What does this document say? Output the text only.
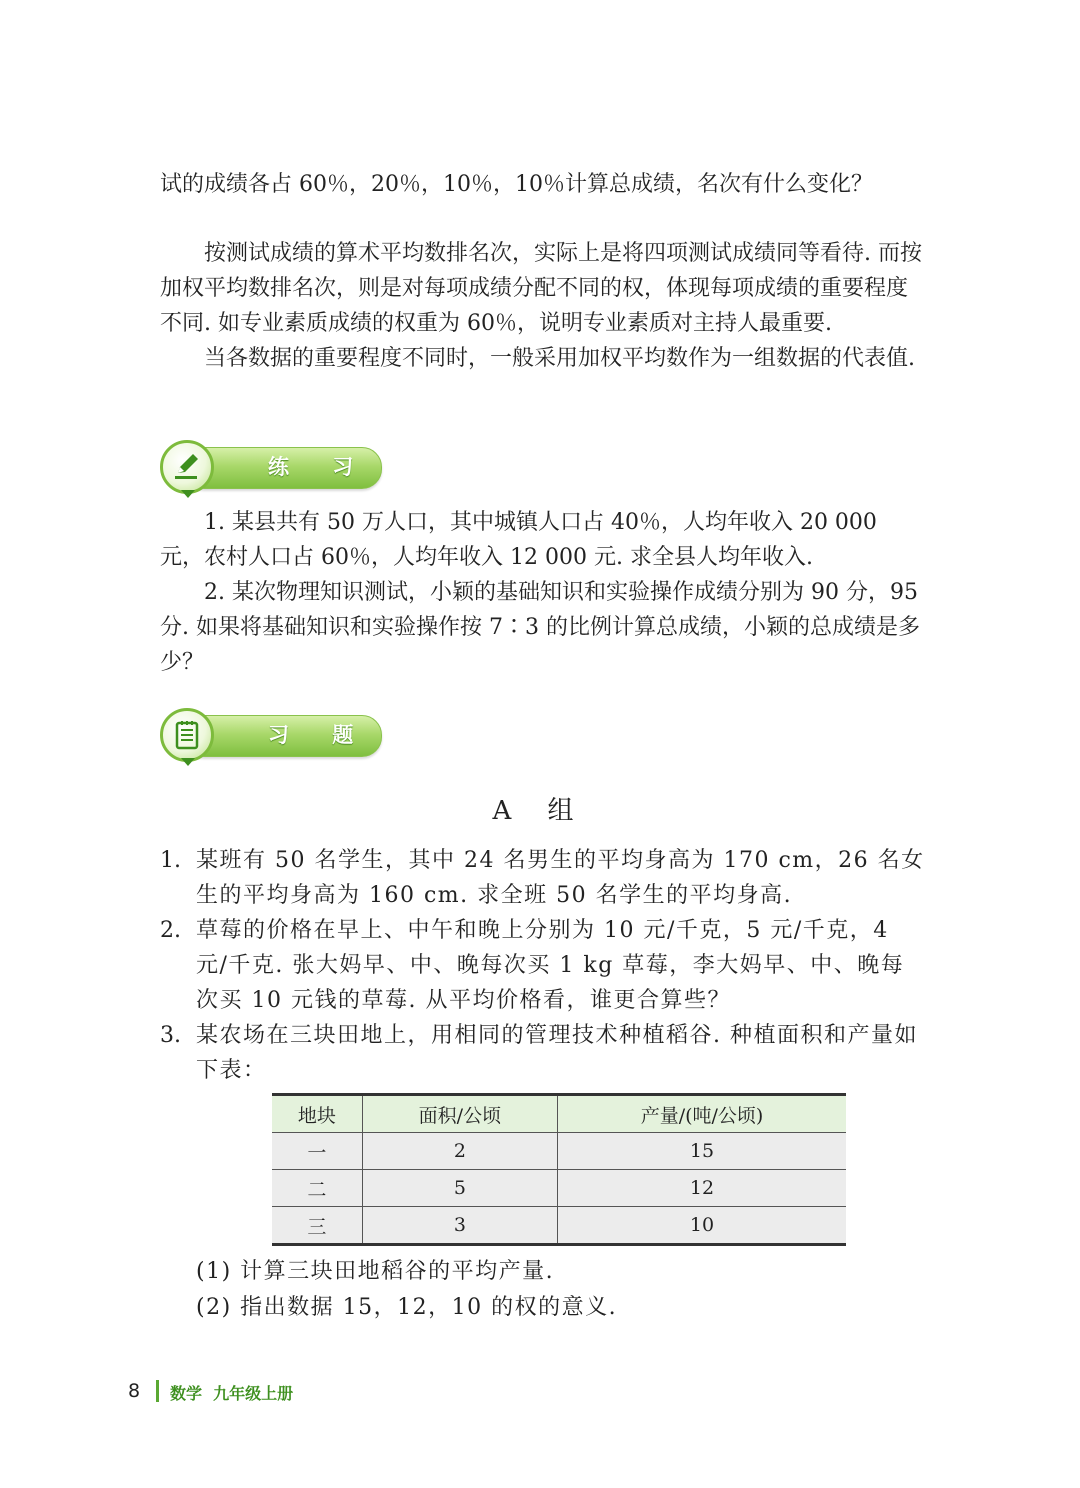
试的成绩各占 60％，20％，10％，10％计算总成绩，名次有什么变化？

按测试成绩的算术平均数排名次，实际上是将四项测试成绩同等看待. 而按加权平均数排名次，则是对每项成绩分配不同的权，体现每项成绩的重要程度不同. 如专业素质成绩的权重为 60％，说明专业素质对主持人最重要.

当各数据的重要程度不同时，一般采用加权平均数作为一组数据的代表值.

练 习

1. 某县共有 50 万人口，其中城镇人口占 40％，人均年收入 20 000 元，农村人口占 60％，人均年收入 12 000 元. 求全县人均年收入.

2. 某次物理知识测试，小颖的基础知识和实验操作成绩分别为 90 分，95 分. 如果将基础知识和实验操作按 7∶3 的比例计算总成绩，小颖的总成绩是多少？

习 题
A 组
1. 某班有 50 名学生，其中 24 名男生的平均身高为 170 cm，26 名女生的平均身高为 160 cm. 求全班 50 名学生的平均身高.
2. 草莓的价格在早上、中午和晚上分别为 10 元/千克，5 元/千克，4 元/千克. 张大妈早、中、晚每次买 1 kg 草莓，李大妈早、中、晚每次买 10 元钱的草莓. 从平均价格看，谁更合算些？
3. 某农场在三块田地上，用相同的管理技术种植稻谷. 种植面积和产量如下表：
地块	面积/公顷	产量/(吨/公顷)
一	2	15
二	5	12
三	3	10
(1) 计算三块田地稻谷的平均产量.
(2) 指出数据 15，12，10 的权的意义.
8 数学  九年级上册
